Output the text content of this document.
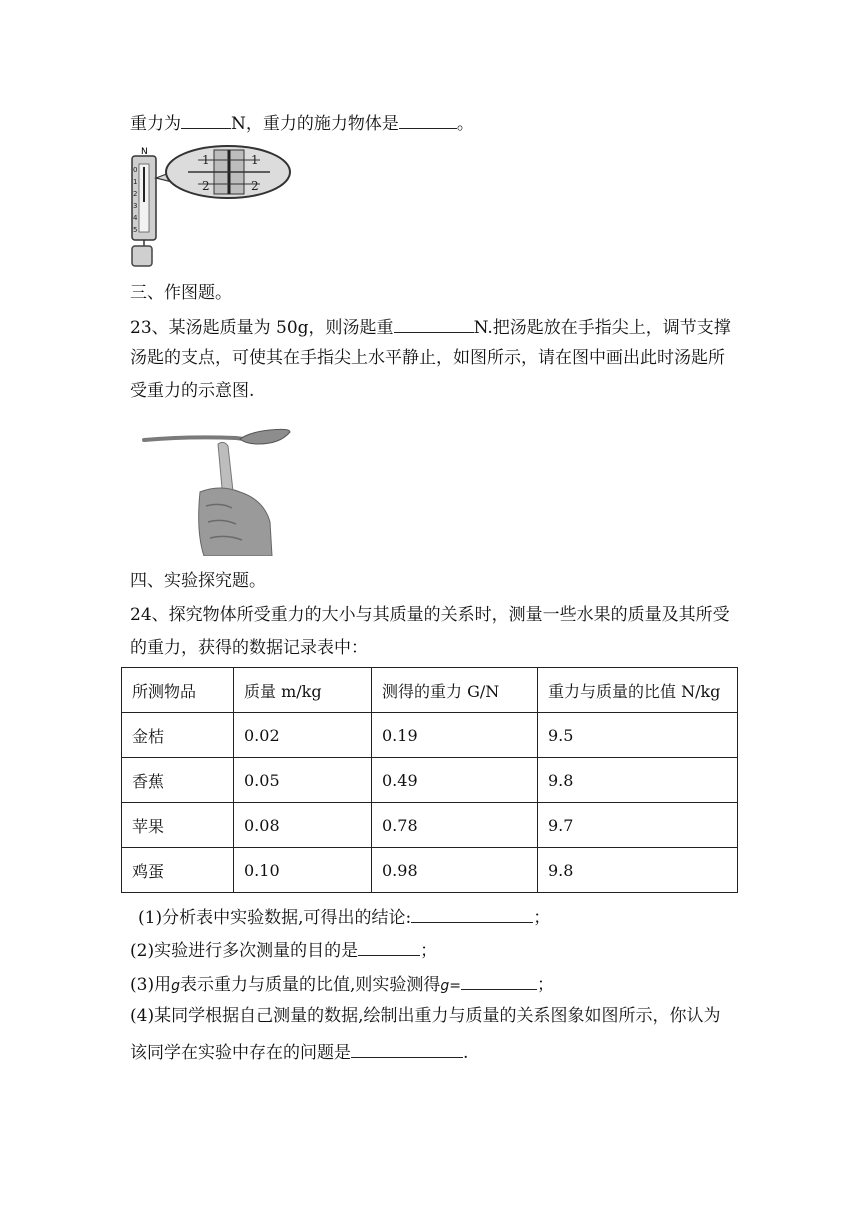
重力为	N，重力的施力物体是	。
N
0
1
2
3
4
5
1
2
1
2
三、作图题。
23、某汤匙质量为 50g，则汤匙重	N.把汤匙放在手指尖上，调节支撑
汤匙的支点，可使其在手指尖上水平静止，如图所示，请在图中画出此时汤匙所
受重力的示意图.
四、实验探究题。
24、探究物体所受重力的大小与其质量的关系时，测量一些水果的质量及其所受
的重力，获得的数据记录表中：
所测物品	质量 m/kg	测得的重力 G/N	重力与质量的比值 N/kg
金桔	0.02	0.19	9.5
香蕉	0.05	0.49	9.8
苹果	0.08	0.78	9.7
鸡蛋	0.10	0.98	9.8
(1)分析表中实验数据,可得出的结论:	；
(2)实验进行多次测量的目的是	；
(3)用g表示重力与质量的比值,则实验测得g=	；
(4)某同学根据自己测量的数据,绘制出重力与质量的关系图象如图所示，你认为
该同学在实验中存在的问题是	.
